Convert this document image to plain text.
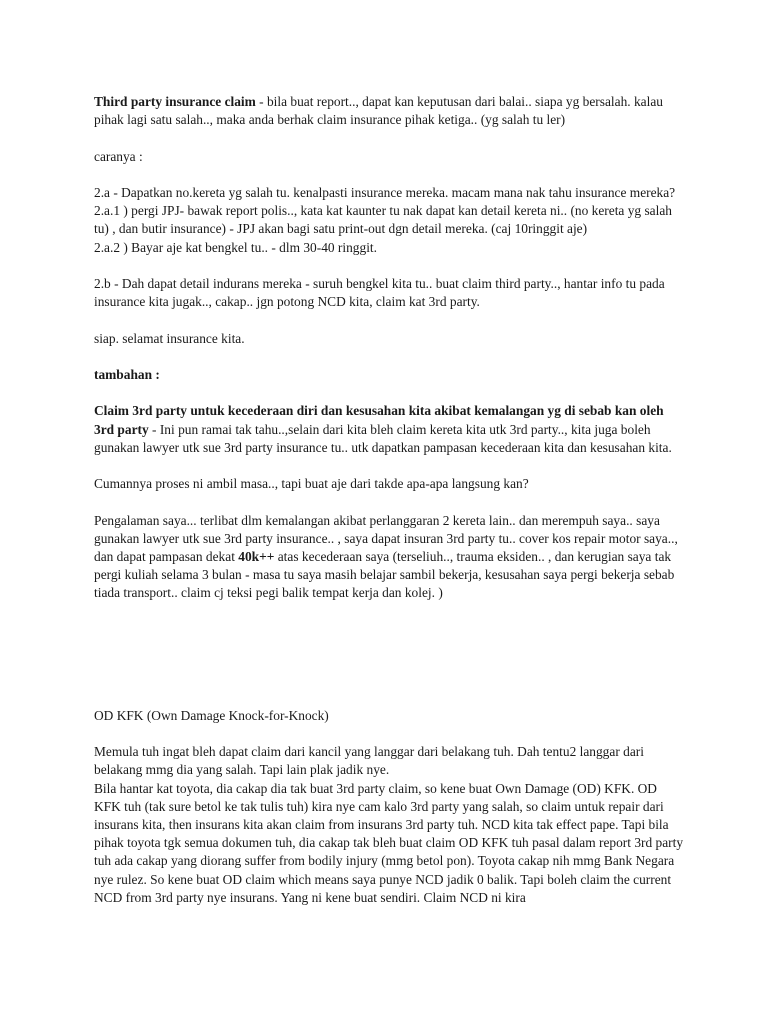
Third party insurance claim - bila buat report.., dapat kan keputusan dari balai.. siapa yg bersalah. kalau pihak lagi satu salah.., maka anda berhak claim insurance pihak ketiga.. (yg salah tu ler)

caranya :

2.a - Dapatkan no.kereta yg salah tu. kenalpasti insurance mereka. macam mana nak tahu insurance mereka?

2.a.1 ) pergi JPJ- bawak report polis.., kata kat kaunter tu nak dapat kan detail kereta ni.. (no kereta yg salah tu) , dan butir insurance) - JPJ akan bagi satu print-out dgn detail mereka. (caj 10ringgit aje)

2.a.2 ) Bayar aje kat bengkel tu.. - dlm 30-40 ringgit.

2.b - Dah dapat detail indurans mereka - suruh bengkel kita tu.. buat claim third party.., hantar info tu pada insurance kita jugak.., cakap.. jgn potong NCD kita, claim kat 3rd party.

siap. selamat insurance kita.

tambahan :

Claim 3rd party untuk kecederaan diri dan kesusahan kita akibat kemalangan yg di sebab kan oleh 3rd party - Ini pun ramai tak tahu..,selain dari kita bleh claim kereta kita utk 3rd party.., kita juga boleh gunakan lawyer utk sue 3rd party insurance tu.. utk dapatkan pampasan kecederaan kita dan kesusahan kita.

Cumannya proses ni ambil masa.., tapi buat aje dari takde apa-apa langsung kan?

Pengalaman saya... terlibat dlm kemalangan akibat perlanggaran 2 kereta lain.. dan merempuh saya.. saya gunakan lawyer utk sue 3rd party insurance.. , saya dapat insuran 3rd party tu.. cover kos repair motor saya.., dan dapat pampasan dekat 40k++ atas kecederaan saya (terseliuh.., trauma eksiden.. , dan kerugian saya tak pergi kuliah selama 3 bulan - masa tu saya masih belajar sambil bekerja, kesusahan saya pergi bekerja sebab tiada transport.. claim cj teksi pegi balik tempat kerja dan kolej. )

OD KFK (Own Damage Knock-for-Knock)

Memula tuh ingat bleh dapat claim dari kancil yang langgar dari belakang tuh. Dah tentu2 langgar dari belakang mmg dia yang salah. Tapi lain plak jadik nye.

Bila hantar kat toyota, dia cakap dia tak buat 3rd party claim, so kene buat Own Damage (OD) KFK. OD KFK tuh (tak sure betol ke tak tulis tuh) kira nye cam kalo 3rd party yang salah, so claim untuk repair dari insurans kita, then insurans kita akan claim from insurans 3rd party tuh. NCD kita tak effect pape. Tapi bila pihak toyota tgk semua dokumen tuh, dia cakap tak bleh buat claim OD KFK tuh pasal dalam report 3rd party tuh ada cakap yang diorang suffer from bodily injury (mmg betol pon). Toyota cakap nih mmg Bank Negara nye rulez. So kene buat OD claim which means saya punye NCD jadik 0 balik. Tapi boleh claim the current NCD from 3rd party nye insurans. Yang ni kene buat sendiri. Claim NCD ni kira
